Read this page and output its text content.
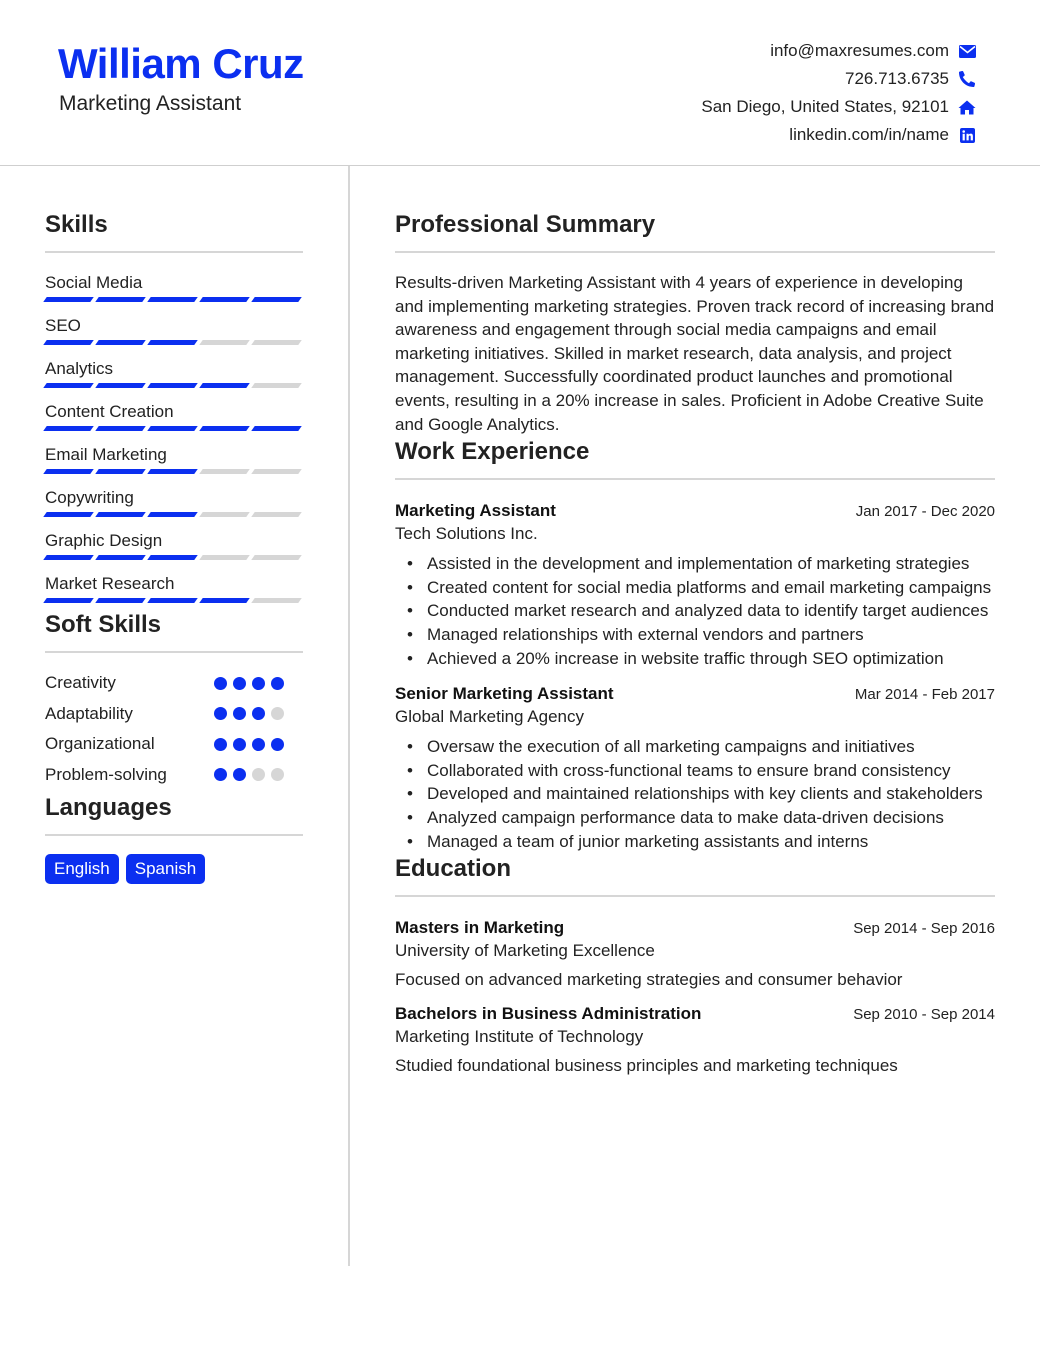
William Cruz
Marketing Assistant
info@maxresumes.com
726.713.6735
San Diego, United States, 92101
linkedin.com/in/name
Skills
Social Media
SEO
Analytics
Content Creation
Email Marketing
Copywriting
Graphic Design
Market Research
Soft Skills
Creativity
Adaptability
Organizational
Problem-solving
Languages
English	Spanish
Professional Summary
Results-driven Marketing Assistant with 4 years of experience in developing and implementing marketing strategies. Proven track record of increasing brand awareness and engagement through social media campaigns and email marketing initiatives. Skilled in market research, data analysis, and project management. Successfully coordinated product launches and promotional events, resulting in a 20% increase in sales. Proficient in Adobe Creative Suite and Google Analytics.
Work Experience
Marketing Assistant	Jan 2017 - Dec 2020
Tech Solutions Inc.
• Assisted in the development and implementation of marketing strategies
• Created content for social media platforms and email marketing campaigns
• Conducted market research and analyzed data to identify target audiences
• Managed relationships with external vendors and partners
• Achieved a 20% increase in website traffic through SEO optimization
Senior Marketing Assistant	Mar 2014 - Feb 2017
Global Marketing Agency
• Oversaw the execution of all marketing campaigns and initiatives
• Collaborated with cross-functional teams to ensure brand consistency
• Developed and maintained relationships with key clients and stakeholders
• Analyzed campaign performance data to make data-driven decisions
• Managed a team of junior marketing assistants and interns
Education
Masters in Marketing	Sep 2014 - Sep 2016
University of Marketing Excellence
Focused on advanced marketing strategies and consumer behavior
Bachelors in Business Administration	Sep 2010 - Sep 2014
Marketing Institute of Technology
Studied foundational business principles and marketing techniques
